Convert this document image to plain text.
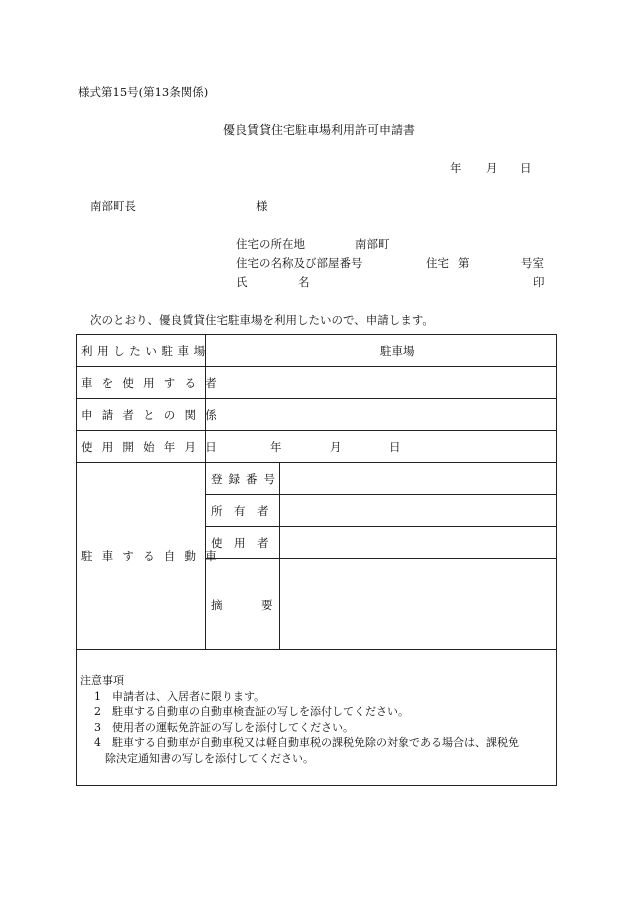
様式第15号(第13条関係)
優良賃貸住宅駐車場利用許可申請書
年 月 日
南部町長	様
住宅の所在地	南部町
住宅の名称及び部屋番号	住宅 第	号室
氏	名	印
次のとおり、優良賃貸住宅駐車場を利用したいので、申請します。
利用したい駐車場	駐車場
車を使用する者
申請者との関係
使用開始年月日	年	月	日
駐車する自動車
登録番号
所　有　者
使　用　者
摘	要
注意事項
1　申請者は、入居者に限ります。
2　駐車する自動車の自動車検査証の写しを添付してください。
3　使用者の運転免許証の写しを添付してください。
4　駐車する自動車が自動車税又は軽自動車税の課税免除の対象である場合は、課税免
　除決定通知書の写しを添付してください。
